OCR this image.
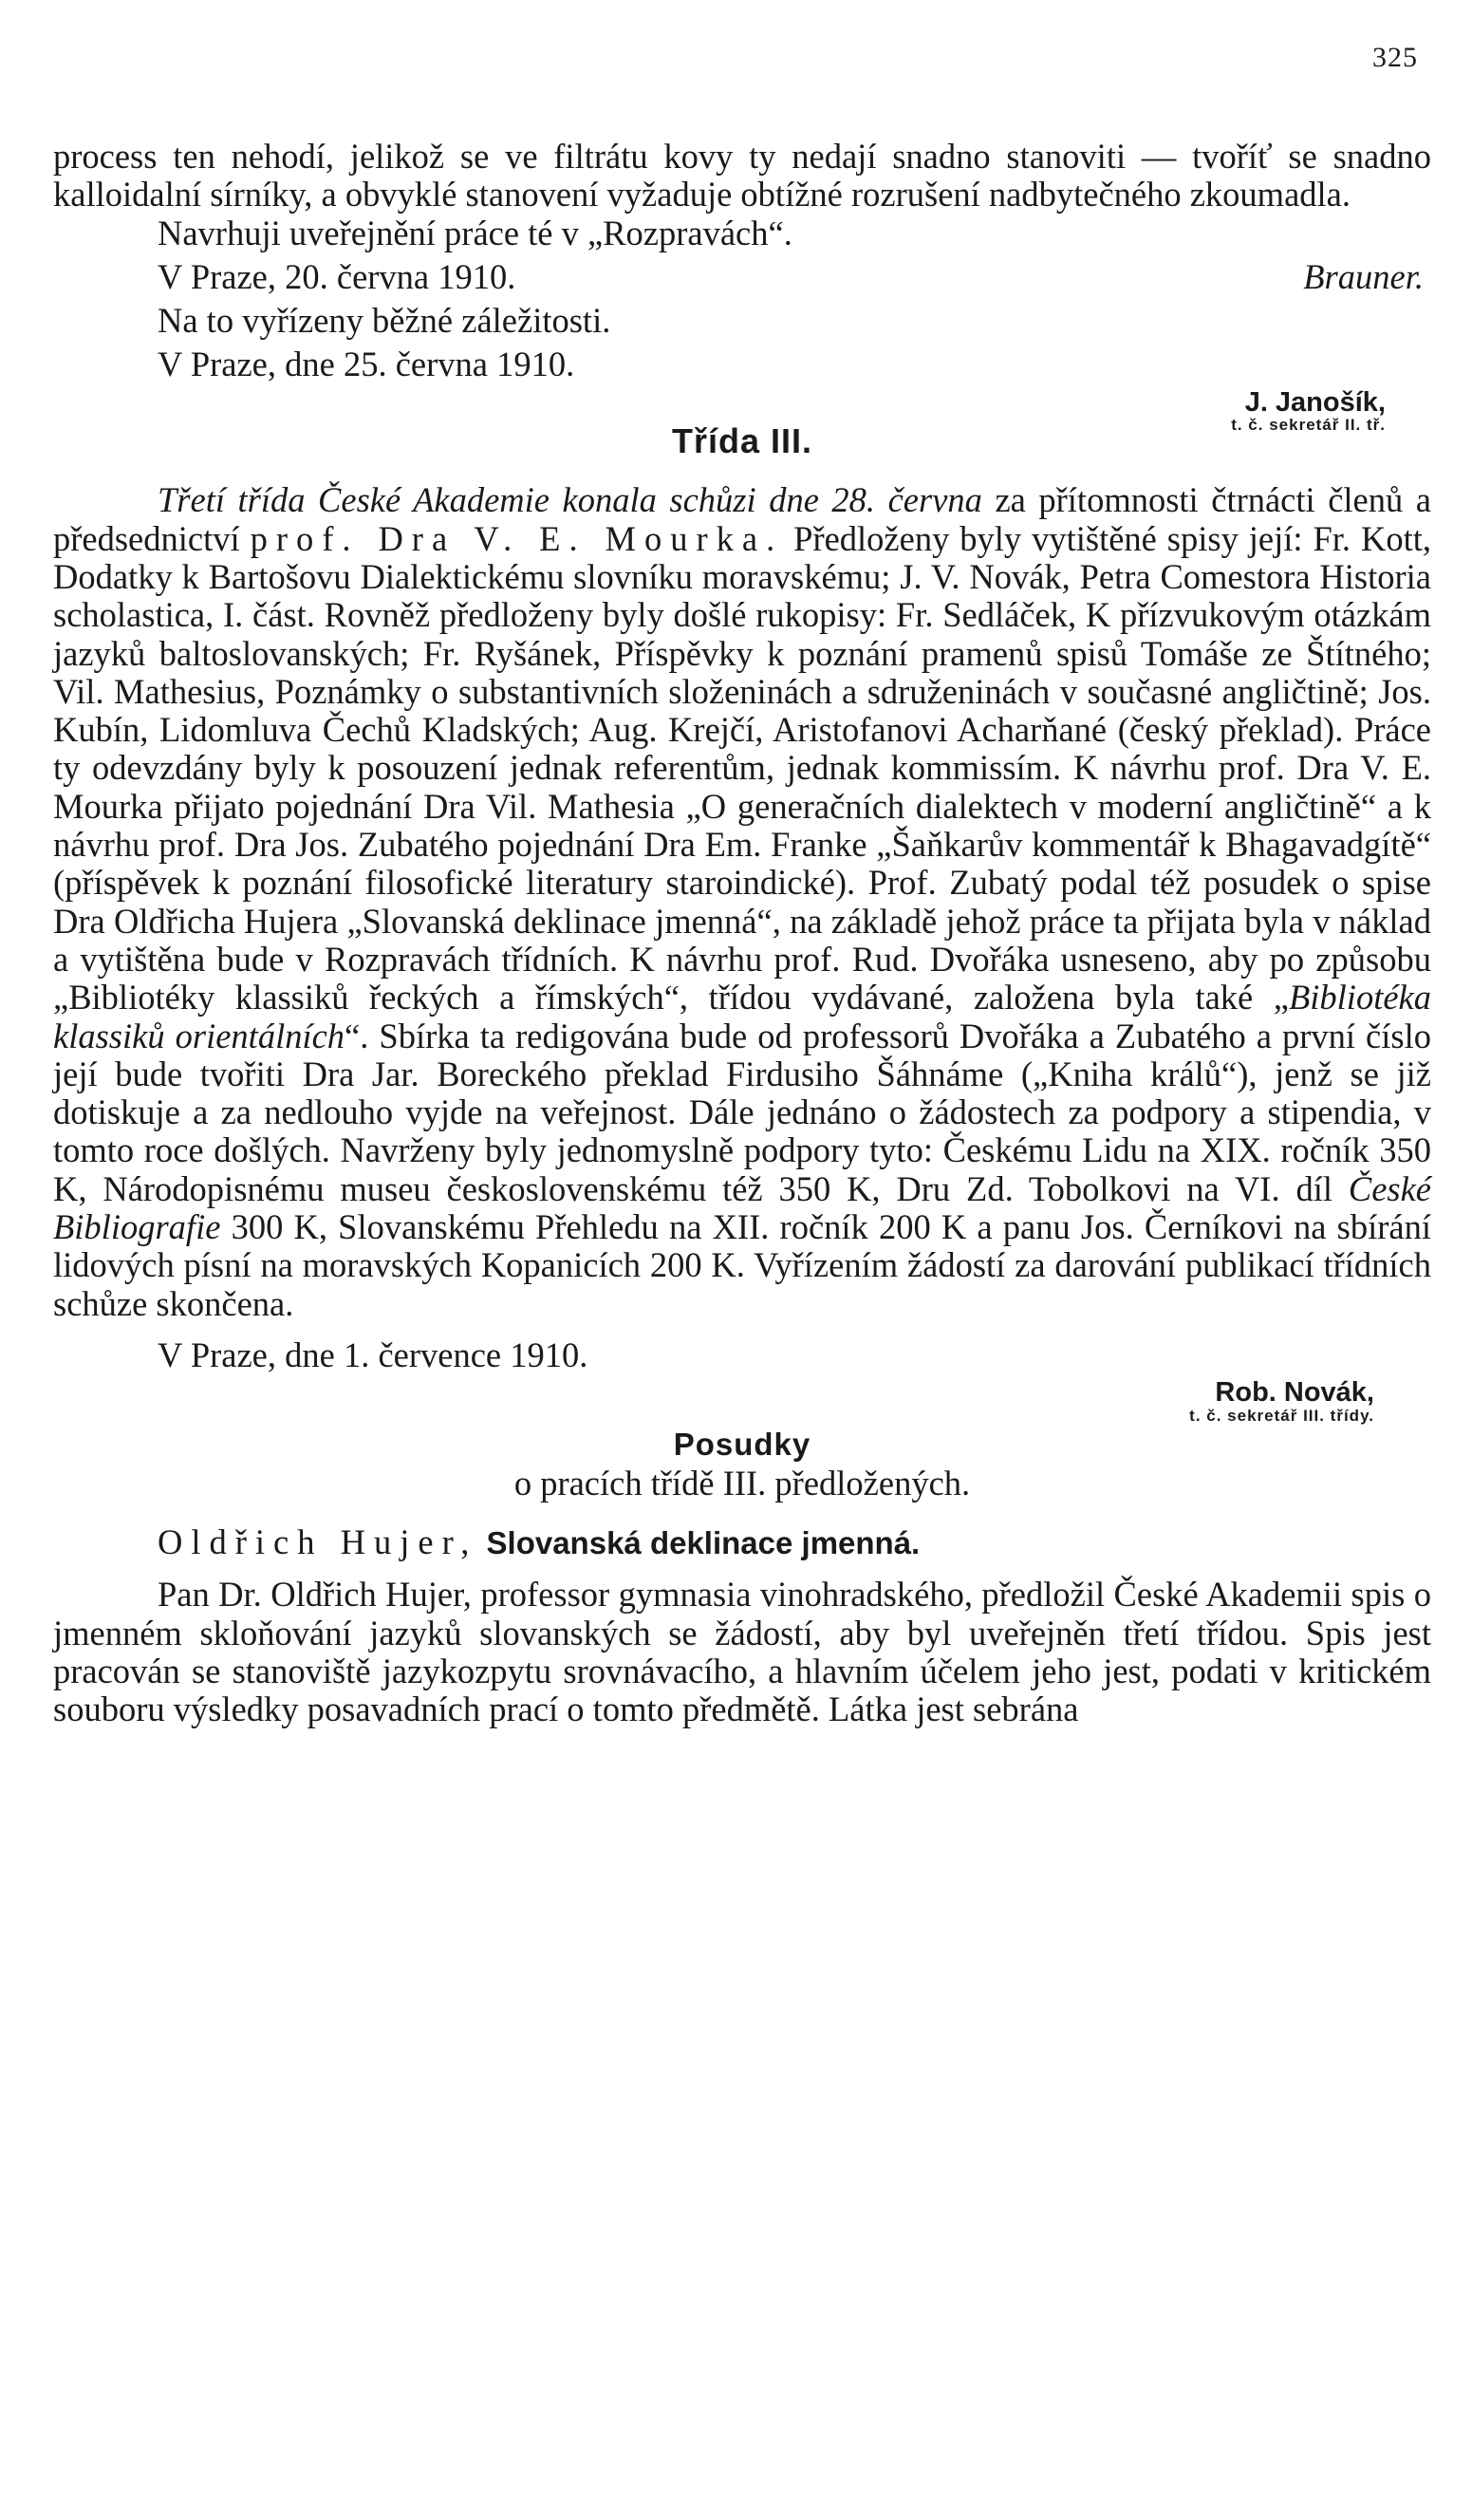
325

process ten nehodí, jelikož se ve filtrátu kovy ty nedají snadno stanoviti — tvoříť se snadno kalloidalní sírníky, a obvyklé stanovení vyžaduje obtížné rozrušení nadbytečného zkoumadla.

Navrhuji uveřejnění práce té v „Rozpravách“.

V Praze, 20. června 1910.	Brauner.

Na to vyřízeny běžné záležitosti.

V Praze, dne 25. června 1910.

J. Janošík,
t. č. sekretář II. tř.
Třída III.

Třetí třída České Akademie konala schůzi dne 28. června za přítomnosti čtrnácti členů a předsednictví prof. Dra V. E. Mourka. Předloženy byly vytištěné spisy její: Fr. Kott, Dodatky k Bartošovu Dialektickému slovníku moravskému; J. V. Novák, Petra Comestora Historia scholastica, I. část. Rovněž předloženy byly došlé rukopisy: Fr. Sedláček, K přízvukovým otázkám jazyků baltoslovanských; Fr. Ryšánek, Příspěvky k poznání pramenů spisů Tomáše ze Štítného; Vil. Mathesius, Poznámky o substantivních složeninách a sdruženinách v současné angličtině; Jos. Kubín, Lidomluva Čechů Kladských; Aug. Krejčí, Aristofanovi Acharňané (český překlad). Práce ty odevzdány byly k posouzení jednak referentům, jednak kommissím. K návrhu prof. Dra V. E. Mourka přijato pojednání Dra Vil. Mathesia „O generačních dialektech v moderní angličtině“ a k návrhu prof. Dra Jos. Zubatého pojednání Dra Em. Franke „Šaňkarův kommentář k Bhagavadgítě“ (příspěvek k poznání filosofické literatury staroindické). Prof. Zubatý podal též posudek o spise Dra Oldřicha Hujera „Slovanská deklinace jmenná“, na základě jehož práce ta přijata byla v náklad a vytištěna bude v Rozpravách třídních. K návrhu prof. Rud. Dvořáka usneseno, aby po způsobu „Bibliotéky klassiků řeckých a římských“, třídou vydávané, založena byla také „Bibliotéka klassiků orientálních“. Sbírka ta redigována bude od professorů Dvořáka a Zubatého a první číslo její bude tvořiti Dra Jar. Boreckého překlad Firdusiho Šáhnáme („Kniha králů“), jenž se již dotiskuje a za nedlouho vyjde na veřejnost. Dále jednáno o žádostech za podpory a stipendia, v tomto roce došlých. Navrženy byly jednomyslně podpory tyto: Českému Lidu na XIX. ročník 350 K, Národopisnému museu československému též 350 K, Dru Zd. Tobolkovi na VI. díl České Bibliografie 300 K, Slovanskému Přehledu na XII. ročník 200 K a panu Jos. Černíkovi na sbírání lidových písní na moravských Kopanicích 200 K. Vyřízením žádostí za darování publikací třídních schůze skončena.

V Praze, dne 1. července 1910.

Rob. Novák,
t. č. sekretář III. třídy.
Posudky
o pracích třídě III. předložených.

Oldřich Hujer, Slovanská deklinace jmenná.

Pan Dr. Oldřich Hujer, professor gymnasia vinohradského, předložil České Akademii spis o jmenném skloňování jazyků slovanských se žádostí, aby byl uveřejněn třetí třídou. Spis jest pracován se stanoviště jazykozpytu srovnávacího, a hlavním účelem jeho jest, podati v kritickém souboru výsledky posavadních prací o tomto předmětě. Látka jest sebrána
